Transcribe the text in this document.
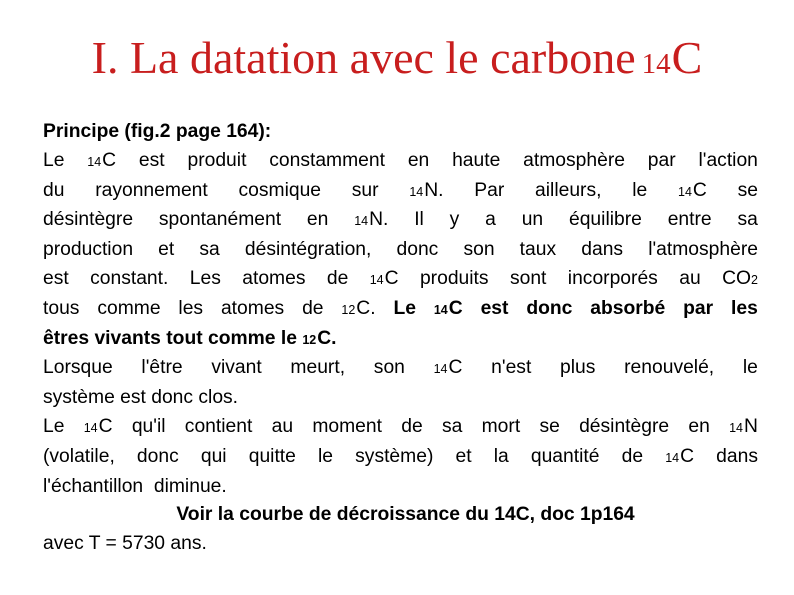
I. La datation avec le carbone 14C
Principe (fig.2 page 164):
Le 14C est produit constamment en haute atmosphère par l'action
du rayonnement cosmique sur 14N. Par ailleurs, le 14C se
désintègre spontanément en 14N. Il y a un équilibre entre sa
production et sa désintégration, donc son taux dans l'atmosphère
est constant. Les atomes de 14C produits sont incorporés au CO2
tous comme les atomes de 12C. Le 14C est donc absorbé par les
êtres vivants tout comme le 12C.
Lorsque l'être vivant meurt, son 14C n'est plus renouvelé, le
système est donc clos.
Le 14C qu'il contient au moment de sa mort se désintègre en 14N
(volatile, donc qui quitte le système) et la quantité de 14C dans
l'échantillon  diminue.
Voir la courbe de décroissance du 14C, doc 1p164
avec T = 5730 ans.
